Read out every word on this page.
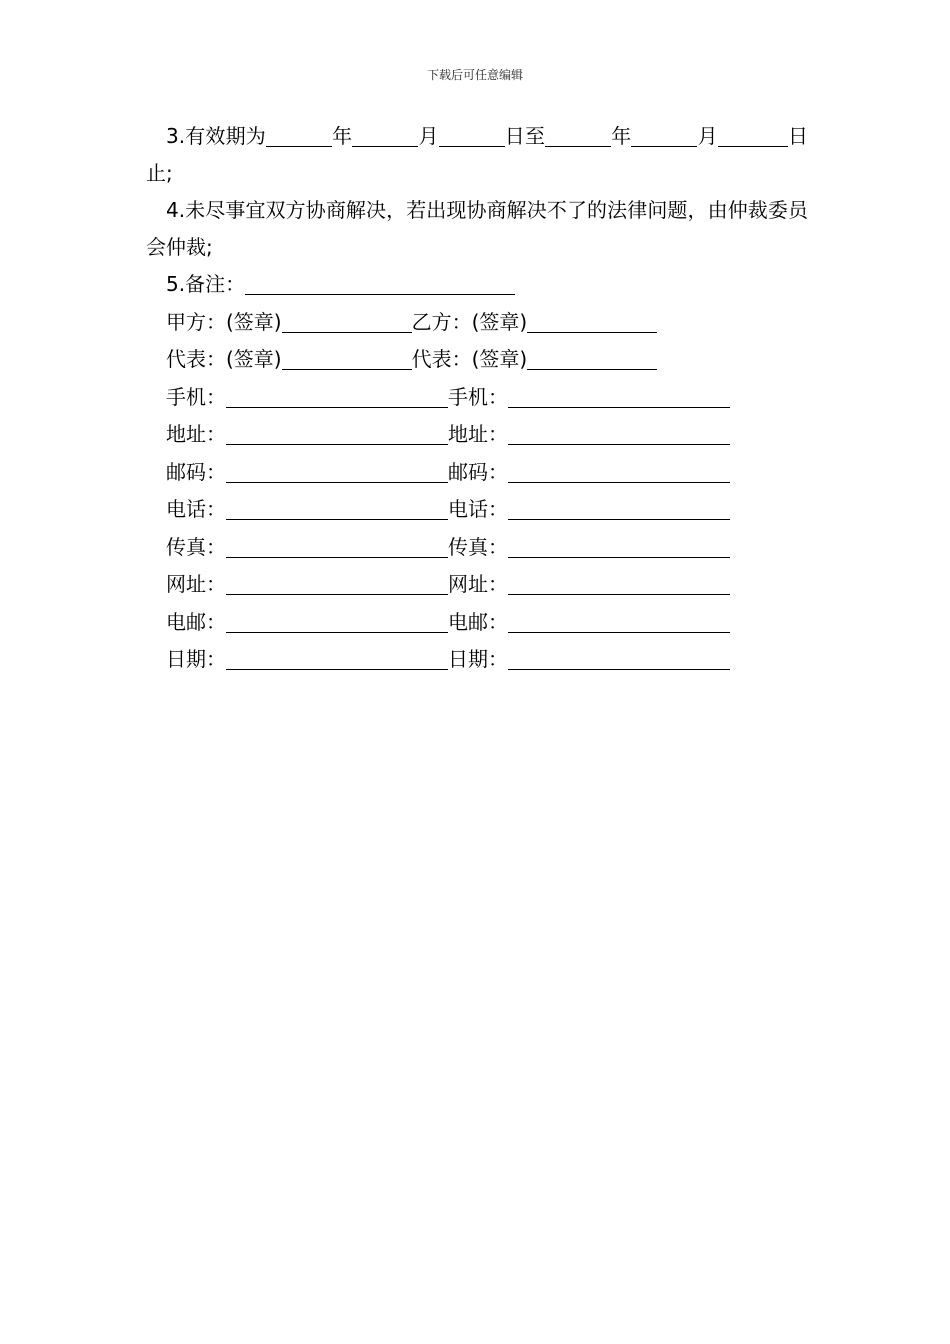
下载后可任意编辑

3.有效期为	年	月	日至	年	月	日止;

4.未尽事宜双方协商解决，若出现协商解决不了的法律问题，由仲裁委员会仲裁;

5.备注：
甲方：(签章)	乙方：(签章)
代表：(签章)	代表：(签章)
手机：	手机：
地址：	地址：
邮码：	邮码：
电话：	电话：
传真：	传真：
网址：	网址：
电邮：	电邮：
日期：	日期：
